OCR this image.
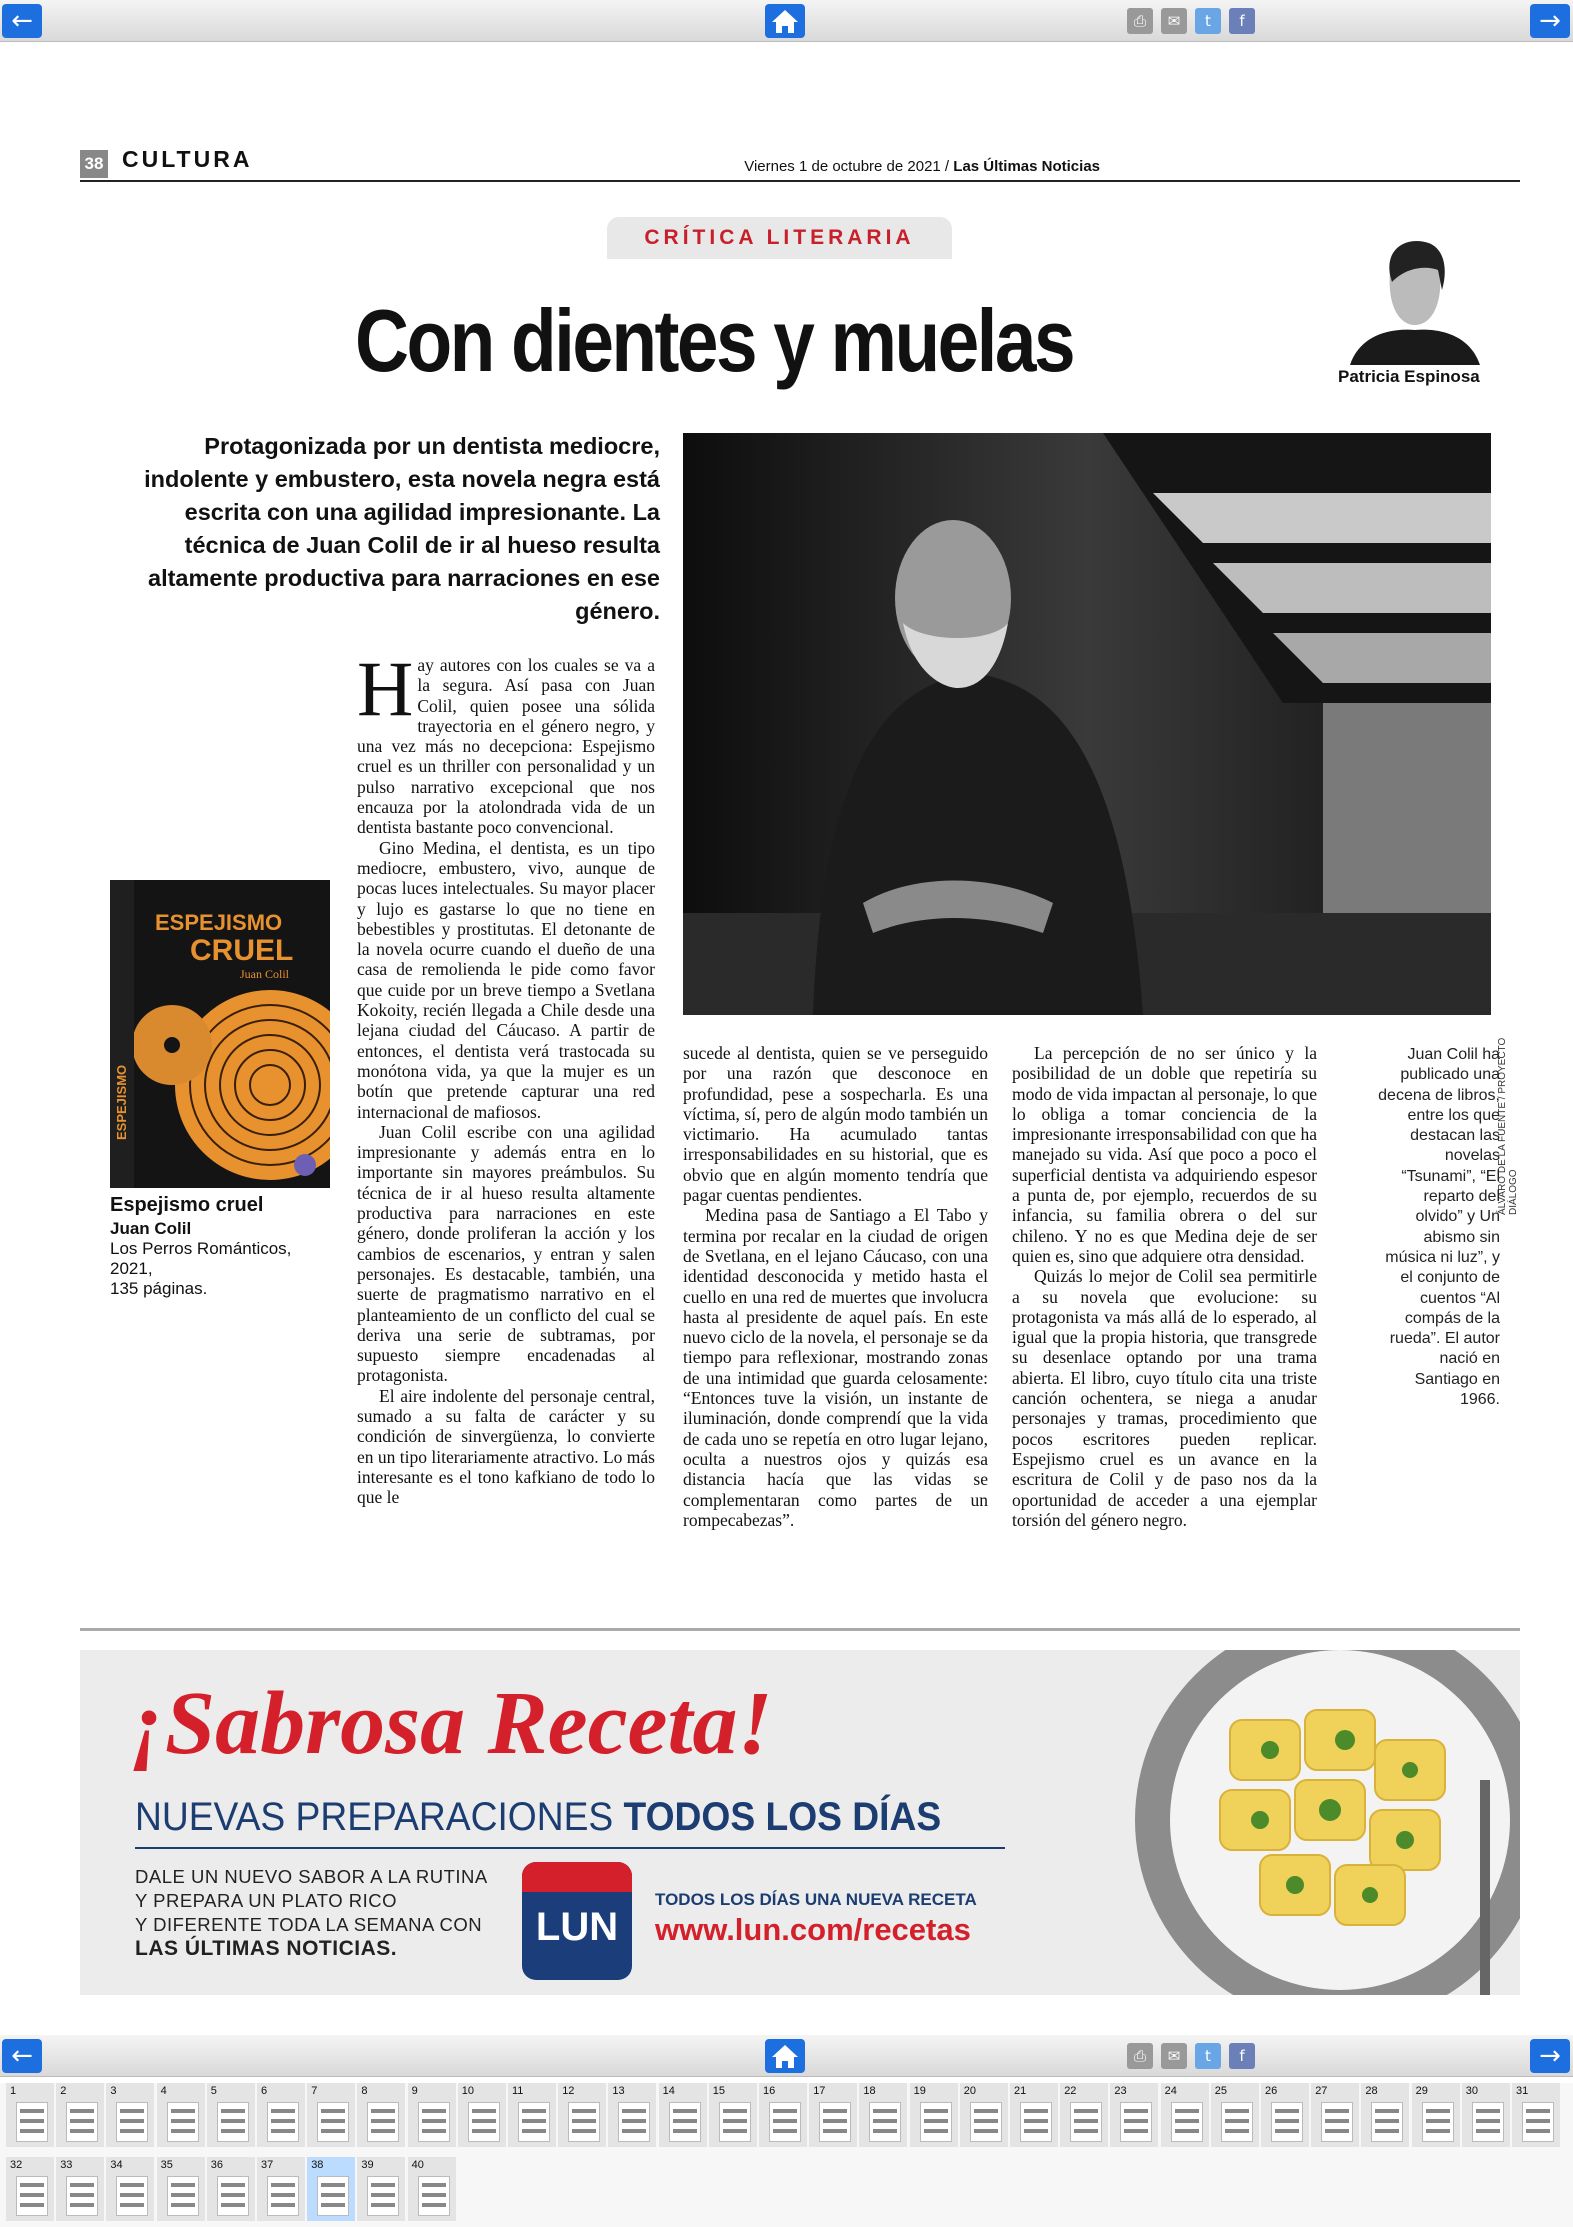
←	⎙	✉	t	f	→
38 CULTURA	Viernes 1 de octubre de 2021 / Las Últimas Noticias
CRÍTICA LITERARIA
Con dientes y muelas	Patricia Espinosa
Protagonizada por un dentista mediocre, indolente y embustero, esta novela negra está escrita con una agilidad impresionante. La técnica de Juan Colil de ir al hueso resulta altamente productiva para narraciones en ese género.
ÁLVARO DE LA FUENTE / PROYECTO DIÁLOGO
ESPEJISMO
CRUEL
Juan Colil
ESPEJISMO
Espejismo cruel
Juan Colil
Los Perros Románticos, 2021,
135 páginas.

Hay autores con los cuales se va a la segura. Así pasa con Juan Colil, quien posee una sólida trayectoria en el género negro, y una vez más no decepciona: Espejismo cruel es un thriller con personalidad y un pulso narrativo excepcional que nos encauza por la atolondrada vida de un dentista bastante poco convencional.

Gino Medina, el dentista, es un tipo mediocre, embustero, vivo, aunque de pocas luces intelectuales. Su mayor placer y lujo es gastarse lo que no tiene en bebestibles y prostitutas. El detonante de la novela ocurre cuando el dueño de una casa de remolienda le pide como favor que cuide por un breve tiempo a Svetlana Kokoity, recién llegada a Chile desde una lejana ciudad del Cáucaso. A partir de entonces, el dentista verá trastocada su monótona vida, ya que la mujer es un botín que pretende capturar una red internacional de mafiosos.

Juan Colil escribe con una agilidad impresionante y además entra en lo importante sin mayores preámbulos. Su técnica de ir al hueso resulta altamente productiva para narraciones en este género, donde proliferan la acción y los cambios de escenarios, y entran y salen personajes. Es destacable, también, una suerte de pragmatismo narrativo en el planteamiento de un conflicto del cual se deriva una serie de subtramas, por supuesto siempre encadenadas al protagonista.

El aire indolente del personaje central, sumado a su falta de carácter y su condición de sinvergüenza, lo convierte en un tipo literariamente atractivo. Lo más interesante es el tono kafkiano de todo lo que le

sucede al dentista, quien se ve perseguido por una razón que desconoce en profundidad, pese a sospecharla. Es una víctima, sí, pero de algún modo también un victimario. Ha acumulado tantas irresponsabilidades en su historial, que es obvio que en algún momento tendría que pagar cuentas pendientes.

Medina pasa de Santiago a El Tabo y termina por recalar en la ciudad de origen de Svetlana, en el lejano Cáucaso, con una identidad desconocida y metido hasta el cuello en una red de muertes que involucra hasta al presidente de aquel país. En este nuevo ciclo de la novela, el personaje se da tiempo para reflexionar, mostrando zonas de una intimidad que guarda celosamente: “Entonces tuve la visión, un instante de iluminación, donde comprendí que la vida de cada uno se repetía en otro lugar lejano, oculta a nuestros ojos y quizás esa distancia hacía que las vidas se complementaran como partes de un rompecabezas”.

La percepción de no ser único y la posibilidad de un doble que repetiría su modo de vida impactan al personaje, lo que lo obliga a tomar conciencia de la impresionante irresponsabilidad con que ha manejado su vida. Así que poco a poco el superficial dentista va adquiriendo espesor a punta de, por ejemplo, recuerdos de su infancia, su familia obrera o del sur chileno. Y no es que Medina deje de ser quien es, sino que adquiere otra densidad.

Quizás lo mejor de Colil sea permitirle a su novela que evolucione: su protagonista va más allá de lo esperado, al igual que la propia historia, que transgrede su desenlace optando por una trama abierta. El libro, cuyo título cita una triste canción ochentera, se niega a anudar personajes y tramas, procedimiento que pocos escritores pueden replicar. Espejismo cruel es un avance en la escritura de Colil y de paso nos da la oportunidad de acceder a una ejemplar torsión del género negro.

Juan Colil ha publicado una decena de libros, entre los que destacan las novelas “Tsunami”, “El reparto del olvido” y Un abismo sin música ni luz”, y el conjunto de cuentos “Al compás de la rueda”. El autor nació en Santiago en 1966.
¡Sabrosa Receta!
NUEVAS PREPARACIONES TODOS LOS DÍAS
DALE UN NUEVO SABOR A LA RUTINA
Y PREPARA UN PLATO RICO
Y DIFERENTE TODA LA SEMANA CON
LAS ÚLTIMAS NOTICIAS.	LUN
TODOS LOS DÍAS UNA NUEVA RECETA
www.lun.com/recetas
←	⎙	✉	t	f	→
1	2	3	4	5	6	7	8	9	10	11	12	13	14	15	16	17	18	19	20	21	22	23	24	25	26	27	28	29	30	31
32	33	34	35	36	37	38	39	40
